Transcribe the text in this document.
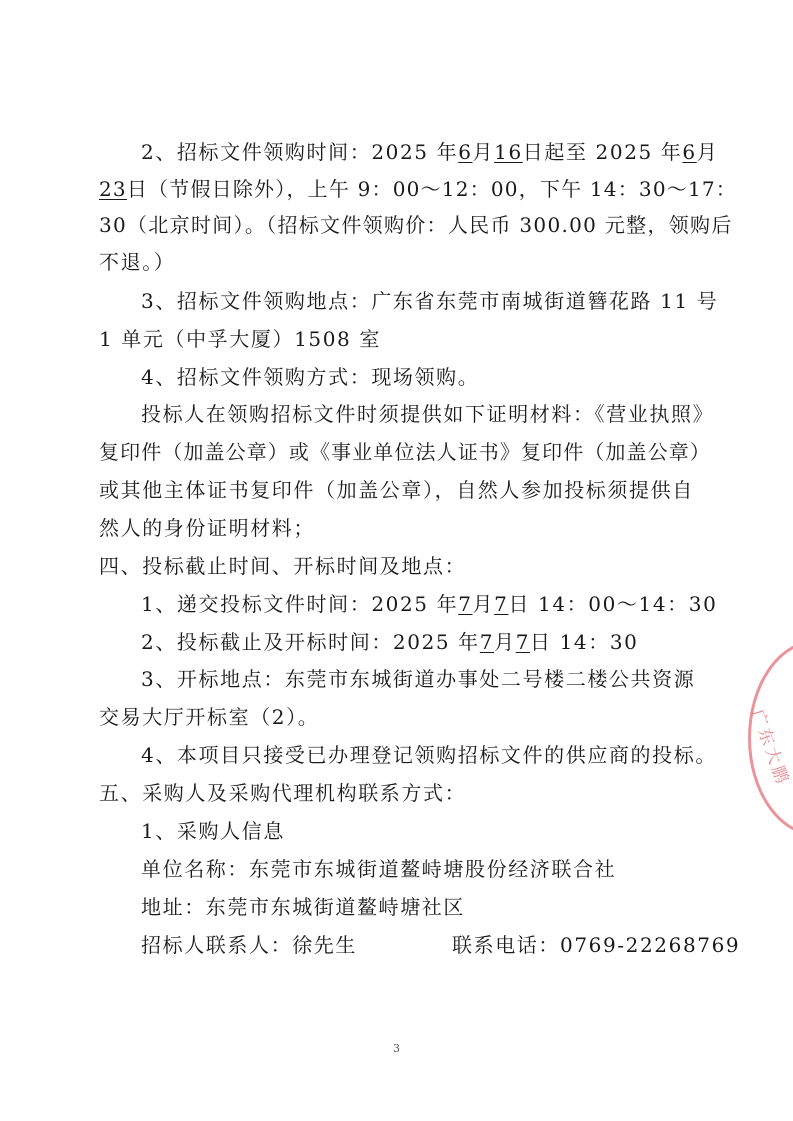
2、招标文件领购时间：2025 年6月16日起至 2025 年6月
23日（节假日除外），上午 9：00～12：00，下午 14：30～17：
30（北京时间）。（招标文件领购价：人民币 300.00 元整，领购后
不退。）
3、招标文件领购地点：广东省东莞市南城街道簪花路 11 号
1 单元（中孚大厦）1508 室
4、招标文件领购方式：现场领购。
投标人在领购招标文件时须提供如下证明材料：《营业执照》
复印件（加盖公章）或《事业单位法人证书》复印件（加盖公章）
或其他主体证书复印件（加盖公章），自然人参加投标须提供自
然人的身份证明材料；
四、投标截止时间、开标时间及地点：
1、递交投标文件时间：2025 年7月7日 14：00～14：30
2、投标截止及开标时间：2025 年7月7日 14：30
3、开标地点：东莞市东城街道办事处二号楼二楼公共资源
交易大厅开标室（2）。
4、本项目只接受已办理登记领购招标文件的供应商的投标。
五、采购人及采购代理机构联系方式：
1、采购人信息
单位名称：东莞市东城街道鳌峙塘股份经济联合社
地址：东莞市东城街道鳌峙塘社区
招标人联系人：徐先生	联系电话：0769-22268769
3
广东大鹏
